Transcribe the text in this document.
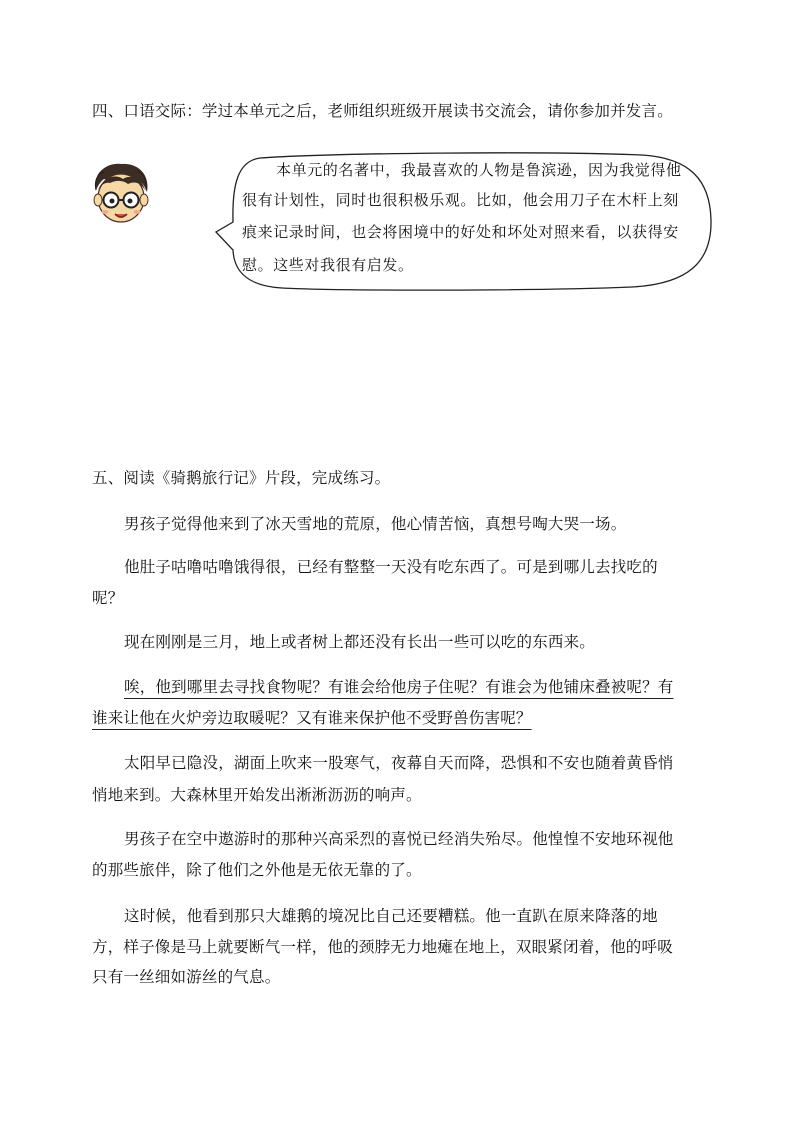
四、口语交际：学过本单元之后，老师组织班级开展读书交流会，请你参加并发言。

本单元的名著中，我最喜欢的人物是鲁滨逊，因为我觉得他

很有计划性，同时也很积极乐观。比如，他会用刀子在木杆上刻

痕来记录时间，也会将困境中的好处和坏处对照来看，以获得安

慰。这些对我很有启发。

五、阅读《骑鹅旅行记》片段，完成练习。

男孩子觉得他来到了冰天雪地的荒原，他心情苦恼，真想号啕大哭一场。

他肚子咕噜咕噜饿得很，已经有整整一天没有吃东西了。可是到哪儿去找吃的

呢？

现在刚刚是三月，地上或者树上都还没有长出一些可以吃的东西来。

唉，他到哪里去寻找食物呢？有谁会给他房子住呢？有谁会为他铺床叠被呢？有

谁来让他在火炉旁边取暖呢？又有谁来保护他不受野兽伤害呢？

太阳早已隐没，湖面上吹来一股寒气，夜幕自天而降，恐惧和不安也随着黄昏悄

悄地来到。大森林里开始发出淅淅沥沥的响声。

男孩子在空中遨游时的那种兴高采烈的喜悦已经消失殆尽。他惶惶不安地环视他

的那些旅伴，除了他们之外他是无依无靠的了。

这时候，他看到那只大雄鹅的境况比自己还要糟糕。他一直趴在原来降落的地

方，样子像是马上就要断气一样，他的颈脖无力地瘫在地上，双眼紧闭着，他的呼吸

只有一丝细如游丝的气息。
